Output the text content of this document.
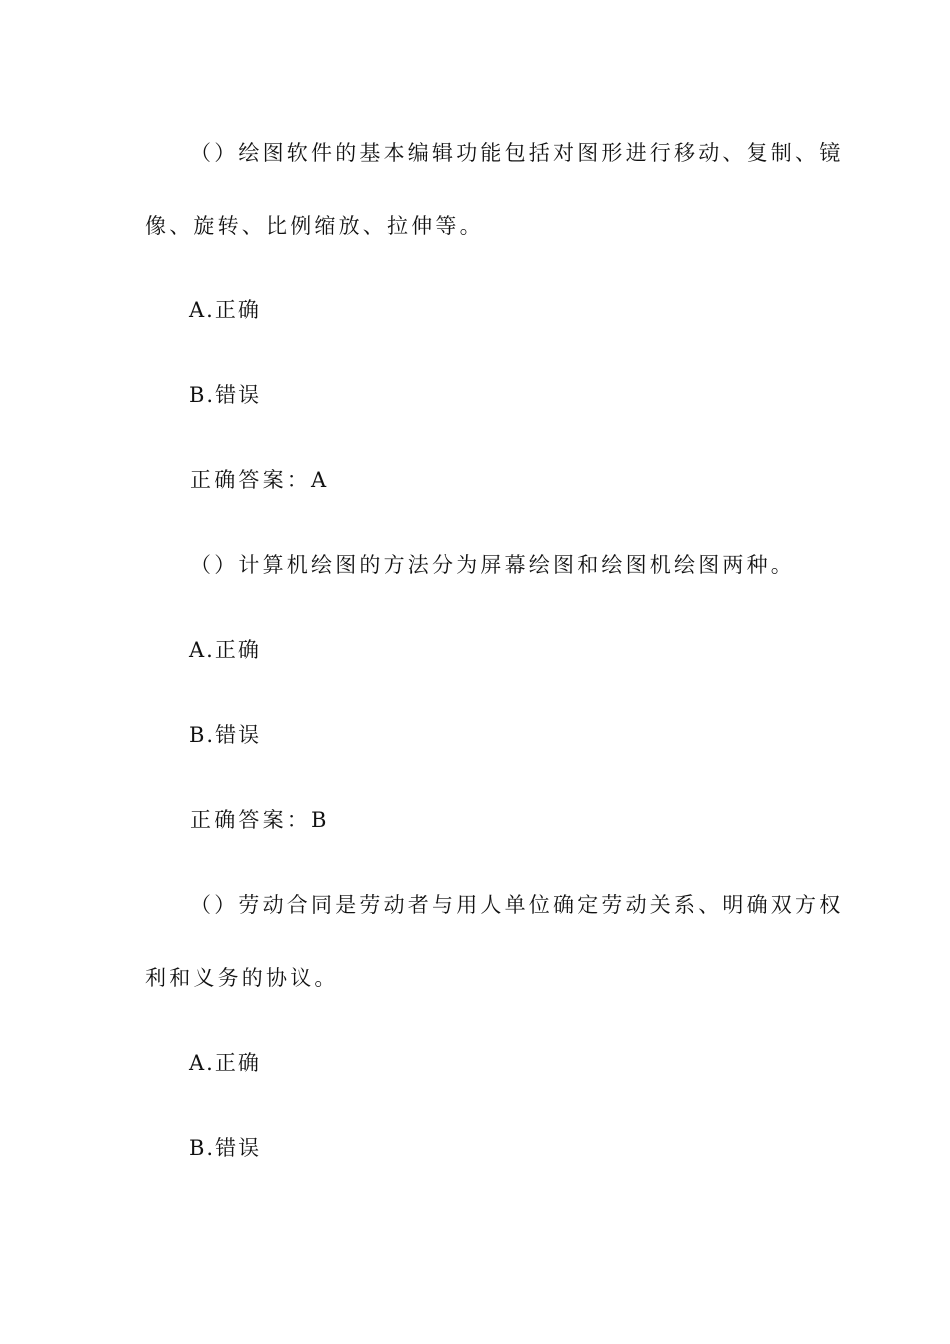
（）绘图软件的基本编辑功能包括对图形进行移动、复制、镜
像、旋转、比例缩放、拉伸等。
A.正确
B.错误
正确答案：A
（）计算机绘图的方法分为屏幕绘图和绘图机绘图两种。
A.正确
B.错误
正确答案：B
（）劳动合同是劳动者与用人单位确定劳动关系、明确双方权
利和义务的协议。
A.正确
B.错误
